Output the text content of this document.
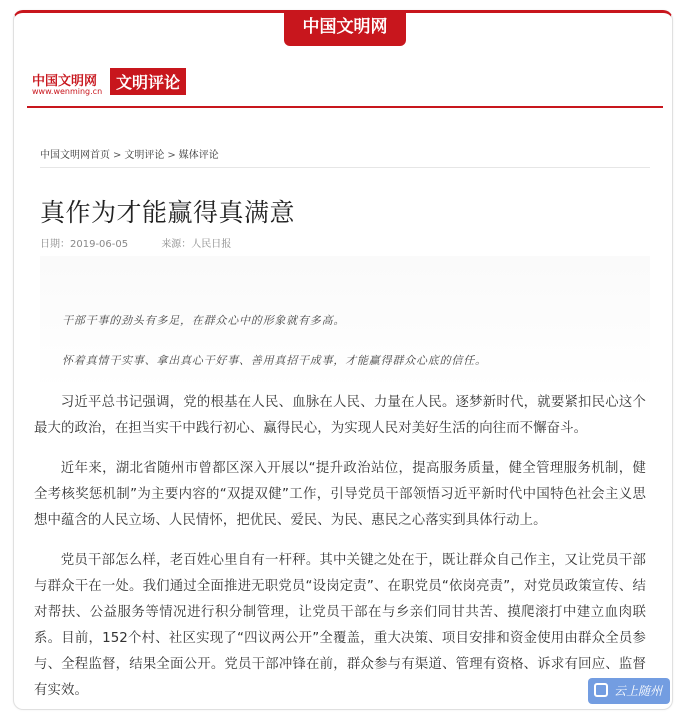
中国文明网
中国文明网
www.wenming.cn 文明评论
中国文明网首页 > 文明评论 > 媒体评论
真作为才能赢得真满意
日期：2019-06-05	来源：人民日报
干部干事的劲头有多足，在群众心中的形象就有多高。
怀着真情干实事、拿出真心干好事、善用真招干成事，才能赢得群众心底的信任。
习近平总书记强调，党的根基在人民、血脉在人民、力量在人民。逐梦新时代，就要紧扣民心这个最大的政治，在担当实干中践行初心、赢得民心，为实现人民对美好生活的向往而不懈奋斗。
近年来，湖北省随州市曾都区深入开展以“提升政治站位，提高服务质量，健全管理服务机制，健全考核奖惩机制”为主要内容的“双提双健”工作，引导党员干部领悟习近平新时代中国特色社会主义思想中蕴含的人民立场、人民情怀，把优民、爱民、为民、惠民之心落实到具体行动上。
党员干部怎么样，老百姓心里自有一杆秤。其中关键之处在于，既让群众自己作主，又让党员干部与群众干在一处。我们通过全面推进无职党员“设岗定责”、在职党员“依岗亮责”，对党员政策宣传、结对帮扶、公益服务等情况进行积分制管理，让党员干部在与乡亲们同甘共苦、摸爬滚打中建立血肉联系。目前，152个村、社区实现了“四议两公开”全覆盖，重大决策、项目安排和资金使用由群众全员参与、全程监督，结果全面公开。党员干部冲锋在前，群众参与有渠道、管理有资格、诉求有回应、监督有实效。	云上随州
